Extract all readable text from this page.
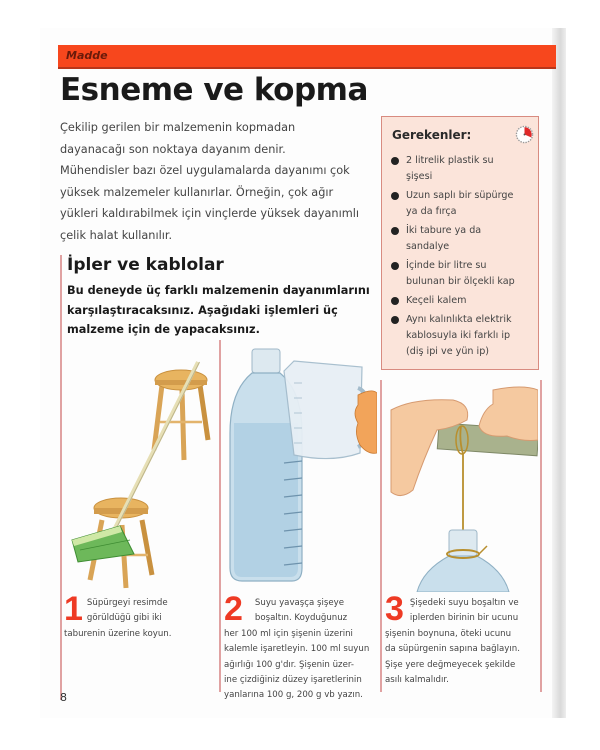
Madde
Esneme ve kopma
Çekilip gerilen bir malzemenin kopmadan
dayanacağı son noktaya dayanım denir.
Mühendisler bazı özel uygulamalarda dayanımı çok
yüksek malzemeler kullanırlar. Örneğin, çok ağır
yükleri kaldırabilmek için vinçlerde yüksek dayanımlı
çelik halat kullanılır.
Gerekenler:
2 litrelik plastik su
şişesi
Uzun saplı bir süpürge
ya da fırça
İki tabure ya da
sandalye
İçinde bir litre su
bulunan bir ölçekli kap
Keçeli kalem
Aynı kalınlıkta elektrik
kablosuyla iki farklı ip
(diş ipi ve yün ip)
İpler ve kablolar
Bu deneyde üç farklı malzemenin dayanımlarını
karşılaştıracaksınız. Aşağıdaki işlemleri üç
malzeme için de yapacaksınız.
1 Süpürgeyi resimde
görüldüğü gibi iki
taburenin üzerine koyun.
2	Suyu yavaşça şişeye
boşaltın. Koyduğunuz
her 100 ml için şişenin üzerini
kalemle işaretleyin. 100 ml suyun
ağırlığı 100 g'dır. Şişenin üzer-
ine çizdiğiniz düzey işaretlerinin
yanlarına 100 g, 200 g vb yazın.
3 Şişedeki suyu boşaltın ve
iplerden birinin bir ucunu
şişenin boynuna, öteki ucunu
da süpürgenin sapına bağlayın.
Şişe yere değmeyecek şekilde
asılı kalmalıdır.
8
